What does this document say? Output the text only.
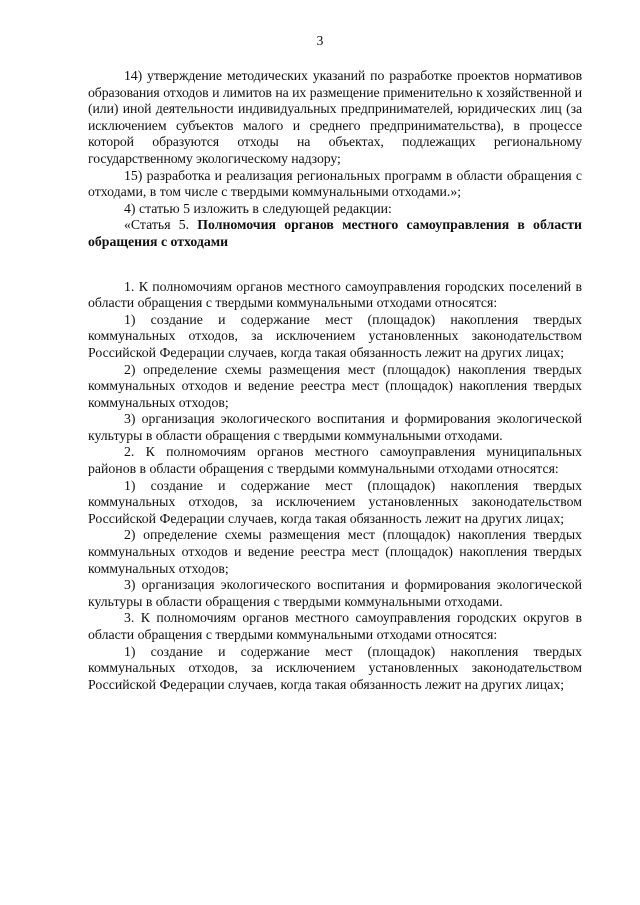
3

14) утверждение методических указаний по разработке проектов нормативов образования отходов и лимитов на их размещение применительно к хозяйственной и (или) иной деятельности индивидуальных предпринимателей, юридических лиц (за исключением субъектов малого и среднего предпринимательства), в процессе которой образуются отходы на объектах, подлежащих региональному государственному экологическому надзору;

15) разработка и реализация региональных программ в области обращения с отходами, в том числе с твердыми коммунальными отходами.»;

4) статью 5 изложить в следующей редакции:

«Статья 5. Полномочия органов местного самоуправления в области обращения с отходами

1. К полномочиям органов местного самоуправления городских поселений в области обращения с твердыми коммунальными отходами относятся:

1) создание и содержание мест (площадок) накопления твердых коммунальных отходов, за исключением установленных законодательством Российской Федерации случаев, когда такая обязанность лежит на других лицах;

2) определение схемы размещения мест (площадок) накопления твердых коммунальных отходов и ведение реестра мест (площадок) накопления твердых коммунальных отходов;

3) организация экологического воспитания и формирования экологической культуры в области обращения с твердыми коммунальными отходами.

2. К полномочиям органов местного самоуправления муниципальных районов в области обращения с твердыми коммунальными отходами относятся:

1) создание и содержание мест (площадок) накопления твердых коммунальных отходов, за исключением установленных законодательством Российской Федерации случаев, когда такая обязанность лежит на других лицах;

2) определение схемы размещения мест (площадок) накопления твердых коммунальных отходов и ведение реестра мест (площадок) накопления твердых коммунальных отходов;

3) организация экологического воспитания и формирования экологической культуры в области обращения с твердыми коммунальными отходами.

3. К полномочиям органов местного самоуправления городских округов в области обращения с твердыми коммунальными отходами относятся:

1) создание и содержание мест (площадок) накопления твердых коммунальных отходов, за исключением установленных законодательством Российской Федерации случаев, когда такая обязанность лежит на других лицах;
